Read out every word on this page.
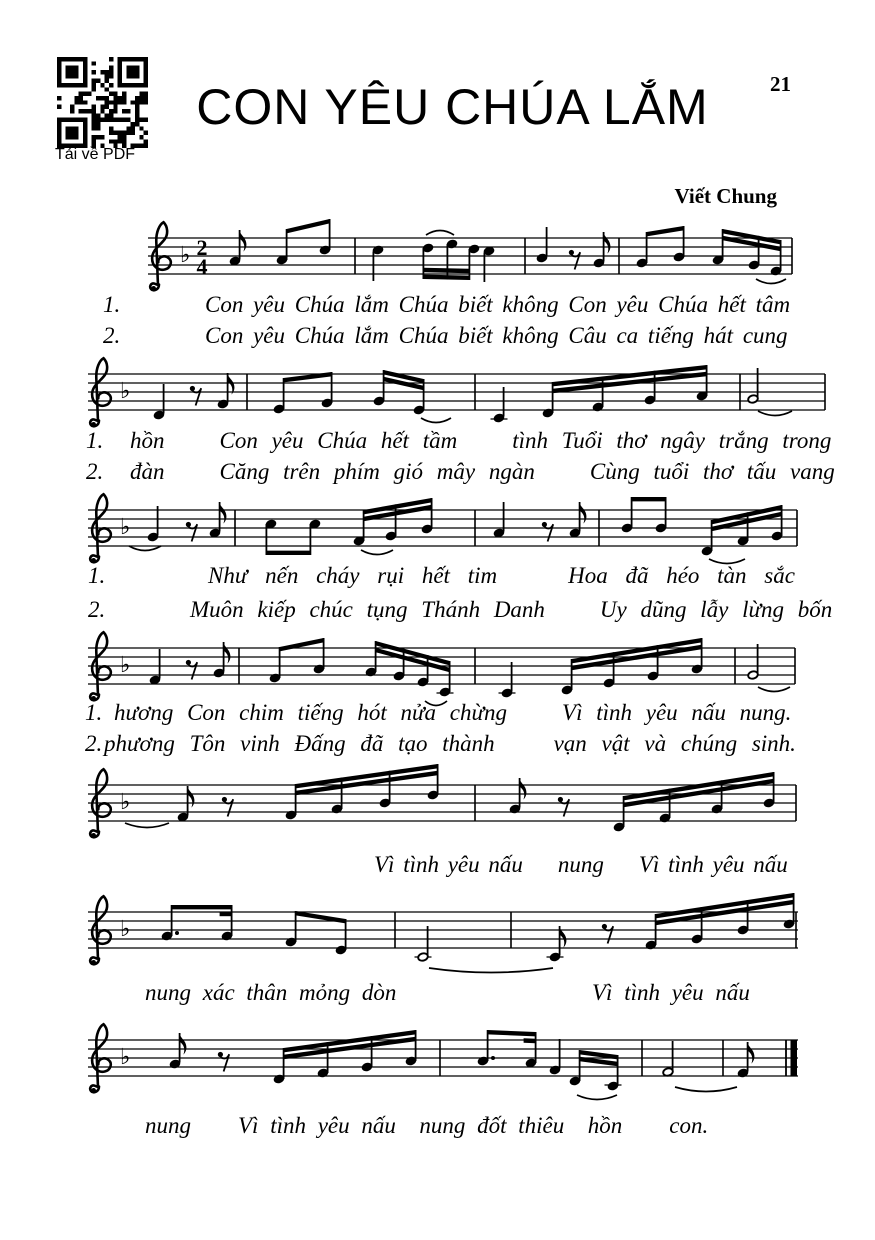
Tải về PDF
CON YÊU CHÚA LẮM	21
Viết Chung
♭ 2
4
♭
♭
♭
♭
♭
♭
1.	Con yêu Chúa lắm Chúa biết không Con yêu Chúa hết tâm
2.	Con yêu Chúa lắm Chúa biết không Câu ca tiếng hát cung
1. hồn    Con yêu Chúa hết tầm    tình Tuổi thơ ngây trắng trong
2. đàn    Căng trên phím gió mây ngàn    Cùng tuổi thơ tấu vang
1.	Như nến cháy rụi hết tim    Hoa đã héo tàn sắc
2.	Muôn kiếp chúc tụng Thánh Danh    Uy dũng lẫy lừng bốn
1. hương Con chim tiếng hót nửa chừng    Vì tình yêu nấu nung.
2. phương Tôn vinh Đấng đã tạo thành    vạn vật và chúng sinh.
Vì tình yêu nấu    nung    Vì tình yêu nấu
nung xác thân mỏng dòn	Vì tình yêu nấu
nung    Vì tình yêu nấu  nung đốt thiêu  hồn    con.
